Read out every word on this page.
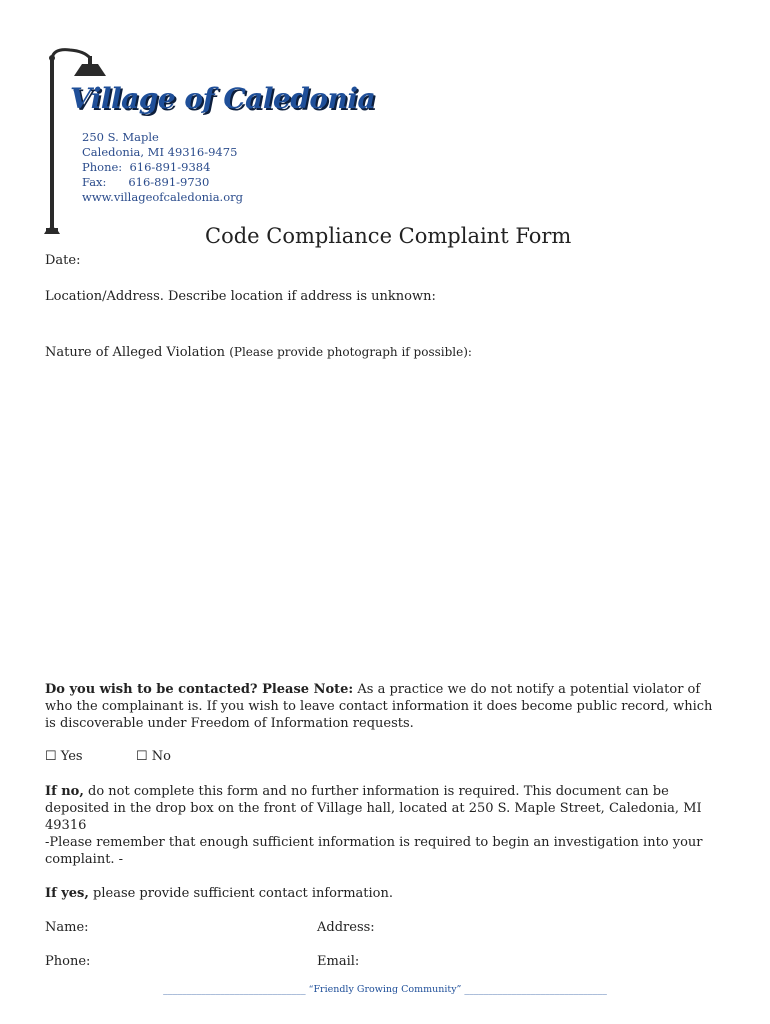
Village of Caledonia
250 S. Maple
Caledonia, MI 49316-9475
Phone:  616-891-9384
Fax:      616-891-9730
www.villageofcaledonia.org
Code Compliance Complaint Form
Date:
Location/Address. Describe location if address is unknown:
Nature of Alleged Violation (Please provide photograph if possible):
Do you wish to be contacted? Please Note: As a practice we do not notify a potential violator of who the complainant is. If you wish to leave contact information it does become public record, which is discoverable under Freedom of Information requests.
☐ Yes	☐ No
If no, do not complete this form and no further information is required. This document can be deposited in the drop box on the front of Village hall, located at 250 S. Maple Street, Caledonia, MI 49316
-Please remember that enough sufficient information is required to begin an investigation into your complaint. -
If yes, please provide sufficient contact information.
Name:	Address:
Phone:	Email:
______________________________ “Friendly Growing Community” ______________________________
